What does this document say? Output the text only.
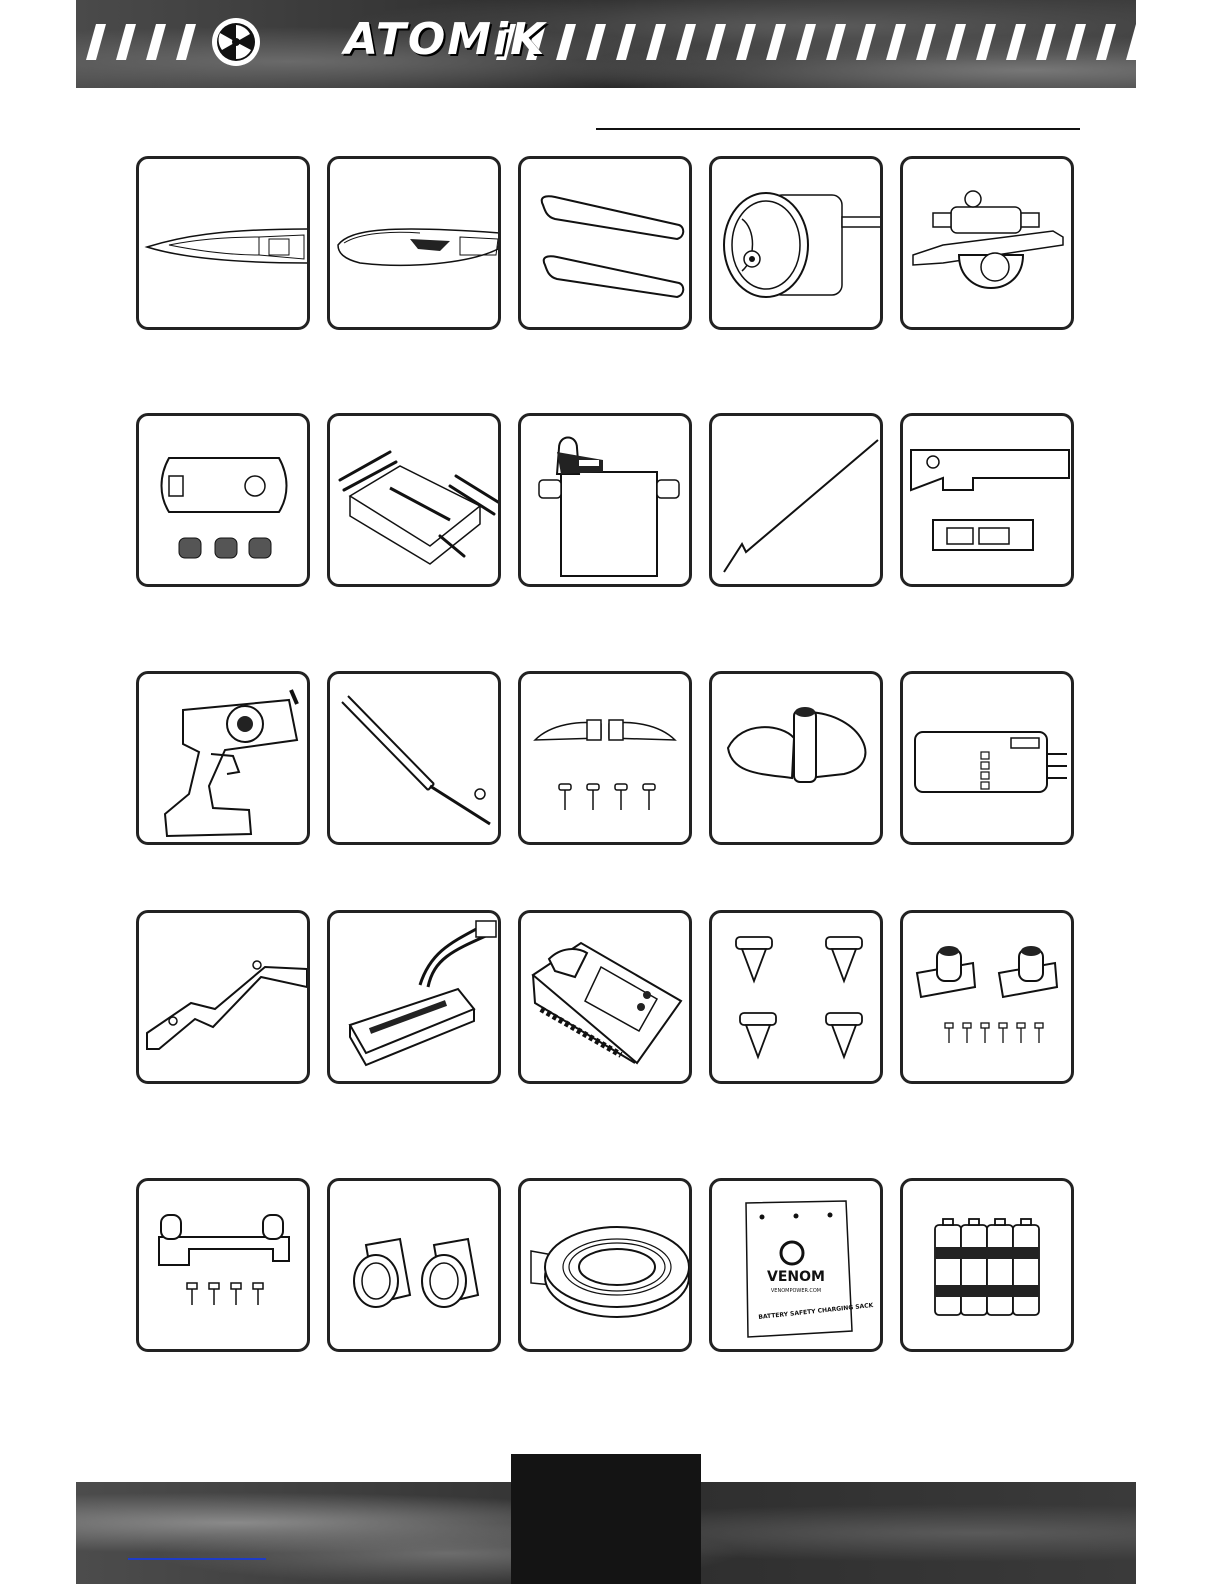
ATOMiK
VENOM
VENOMPOWER.COM
BATTERY SAFETY CHARGING SACK
